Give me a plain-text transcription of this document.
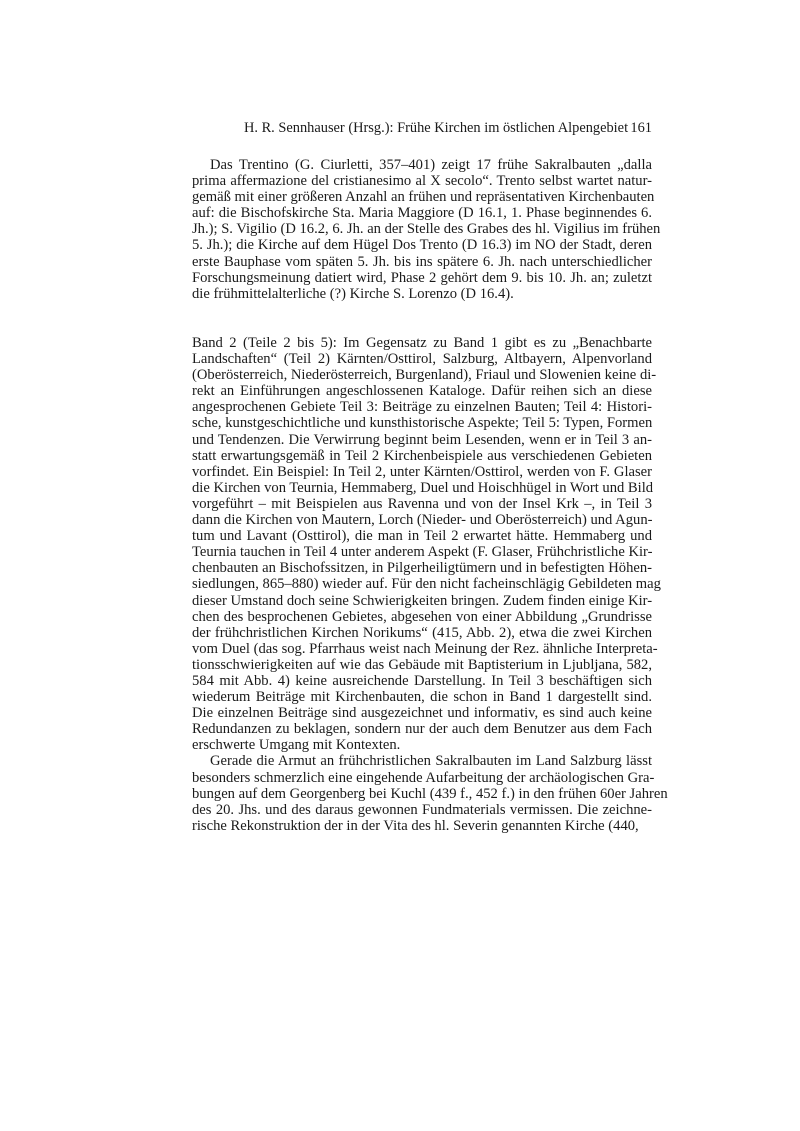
H. R. Sennhauser (Hrsg.): Frühe Kirchen im östlichen Alpengebiet 161
Das Trentino (G. Ciurletti, 357–401) zeigt 17 frühe Sakralbauten „dalla
prima affermazione del cristianesimo al X secolo“. Trento selbst wartet natur-
gemäß mit einer größeren Anzahl an frühen und repräsentativen Kirchenbauten
auf: die Bischofskirche Sta. Maria Maggiore (D 16.1, 1. Phase beginnendes 6.
Jh.); S. Vigilio (D 16.2, 6. Jh. an der Stelle des Grabes des hl. Vigilius im frühen
5. Jh.); die Kirche auf dem Hügel Dos Trento (D 16.3) im NO der Stadt, deren
erste Bauphase vom späten 5. Jh. bis ins spätere 6. Jh. nach unterschiedlicher
Forschungsmeinung datiert wird, Phase 2 gehört dem 9. bis 10. Jh. an; zuletzt
die frühmittelalterliche (?) Kirche S. Lorenzo (D 16.4).
Band 2 (Teile 2 bis 5): Im Gegensatz zu Band 1 gibt es zu „Benachbarte
Landschaften“ (Teil 2) Kärnten/Osttirol, Salzburg, Altbayern, Alpenvorland
(Oberösterreich, Niederösterreich, Burgenland), Friaul und Slowenien keine di-
rekt an Einführungen angeschlossenen Kataloge. Dafür reihen sich an diese
angesprochenen Gebiete Teil 3: Beiträge zu einzelnen Bauten; Teil 4: Histori-
sche, kunstgeschichtliche und kunsthistorische Aspekte; Teil 5: Typen, Formen
und Tendenzen. Die Verwirrung beginnt beim Lesenden, wenn er in Teil 3 an-
statt erwartungsgemäß in Teil 2 Kirchenbeispiele aus verschiedenen Gebieten
vorfindet. Ein Beispiel: In Teil 2, unter Kärnten/Osttirol, werden von F. Glaser
die Kirchen von Teurnia, Hemmaberg, Duel und Hoischhügel in Wort und Bild
vorgeführt – mit Beispielen aus Ravenna und von der Insel Krk –, in Teil 3
dann die Kirchen von Mautern, Lorch (Nieder- und Oberösterreich) und Agun-
tum und Lavant (Osttirol), die man in Teil 2 erwartet hätte. Hemmaberg und
Teurnia tauchen in Teil 4 unter anderem Aspekt (F. Glaser, Frühchristliche Kir-
chenbauten an Bischofssitzen, in Pilgerheiligtümern und in befestigten Höhen-
siedlungen, 865–880) wieder auf. Für den nicht facheinschlägig Gebildeten mag
dieser Umstand doch seine Schwierigkeiten bringen. Zudem finden einige Kir-
chen des besprochenen Gebietes, abgesehen von einer Abbildung „Grundrisse
der frühchristlichen Kirchen Norikums“ (415, Abb. 2), etwa die zwei Kirchen
vom Duel (das sog. Pfarrhaus weist nach Meinung der Rez. ähnliche Interpreta-
tionsschwierigkeiten auf wie das Gebäude mit Baptisterium in Ljubljana, 582,
584 mit Abb. 4) keine ausreichende Darstellung. In Teil 3 beschäftigen sich
wiederum Beiträge mit Kirchenbauten, die schon in Band 1 dargestellt sind.
Die einzelnen Beiträge sind ausgezeichnet und informativ, es sind auch keine
Redundanzen zu beklagen, sondern nur der auch dem Benutzer aus dem Fach
erschwerte Umgang mit Kontexten.
Gerade die Armut an frühchristlichen Sakralbauten im Land Salzburg lässt
besonders schmerzlich eine eingehende Aufarbeitung der archäologischen Gra-
bungen auf dem Georgenberg bei Kuchl (439 f., 452 f.) in den frühen 60er Jahren
des 20. Jhs. und des daraus gewonnen Fundmaterials vermissen. Die zeichne-
rische Rekonstruktion der in der Vita des hl. Severin genannten Kirche (440,
